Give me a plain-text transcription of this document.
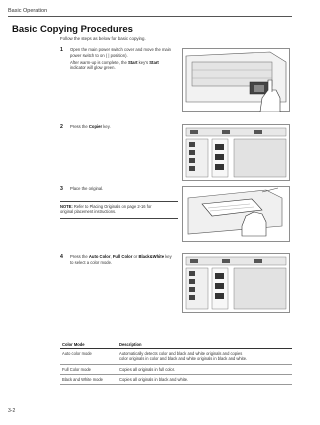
Basic Operation
Basic Copying Procedures
Follow the steps as below for basic copying.
1 Open the main power switch cover and move the main
power switch to on ( | position).
After warm-up is complete, the Start key's Start
indicator will glow green.
2 Press the Copier key.
3 Place the original.
NOTE: Refer to Placing Originals on page 2-16 for
original placement instructions.
4 Press the Auto Color, Full Color or Black&White key
to select a color mode.
Color Mode	Description
Auto color mode	Automatically detects color and black and white originals and copies
color originals in color and black and white originals in black and white.

Full Color mode	Copies all originals in full color.
Black and White mode	Copies all originals in black and white.
3-2
